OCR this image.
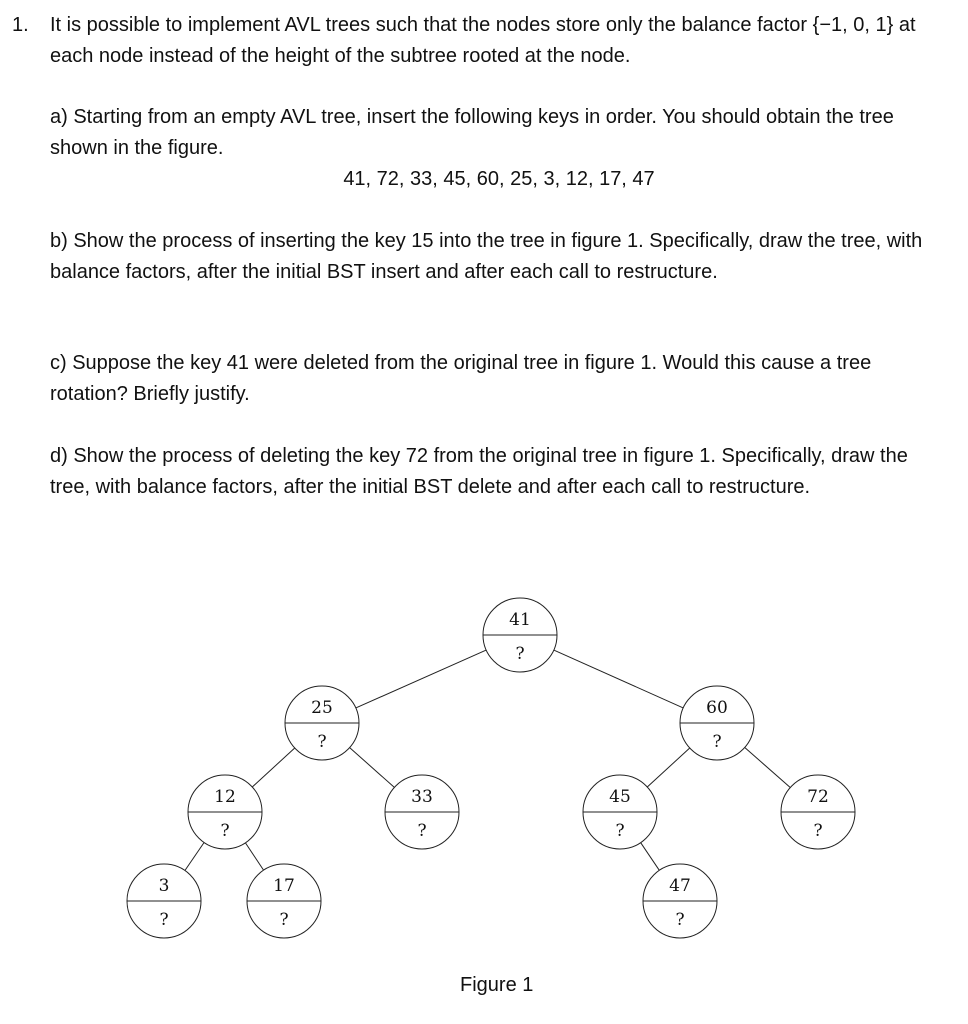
1. It is possible to implement AVL trees such that the nodes store only the balance factor {−1, 0, 1} at each node instead of the height of the subtree rooted at the node.
a) Starting from an empty AVL tree, insert the following keys in order. You should obtain the tree shown in the figure.
41, 72, 33, 45, 60, 25, 3, 12, 17, 47
b) Show the process of inserting the key 15 into the tree in figure 1. Specifically, draw the tree, with balance factors, after the initial BST insert and after each call to restructure.
c) Suppose the key 41 were deleted from the original tree in figure 1. Would this cause a tree rotation? Briefly justify.
d) Show the process of deleting the key 72 from the original tree in figure 1. Specifically, draw the tree, with balance factors, after the initial BST delete and after each call to restructure.
41
?
25
?
60
?
12
?
33
?
45
?
72
?
3
?
17
?
47
?
Figure 1
